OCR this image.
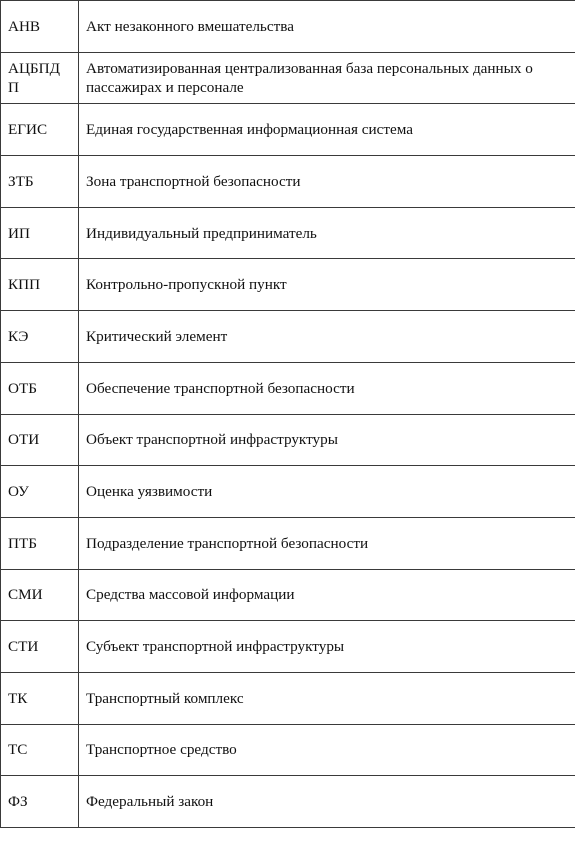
АНВ	Акт незаконного вмешательства
АЦБПД П	Автоматизированная централизованная база персональных данных о пассажирах и персонале
ЕГИС	Единая государственная информационная система
ЗТБ	Зона транспортной безопасности
ИП	Индивидуальный предприниматель
КПП	Контрольно-пропускной пункт
КЭ	Критический элемент
ОТБ	Обеспечение транспортной безопасности
ОТИ	Объект транспортной инфраструктуры
ОУ	Оценка уязвимости
ПТБ	Подразделение транспортной безопасности
СМИ	Средства массовой информации
СТИ	Субъект транспортной инфраструктуры
ТК	Транспортный комплекс
ТС	Транспортное средство
ФЗ	Федеральный закон
